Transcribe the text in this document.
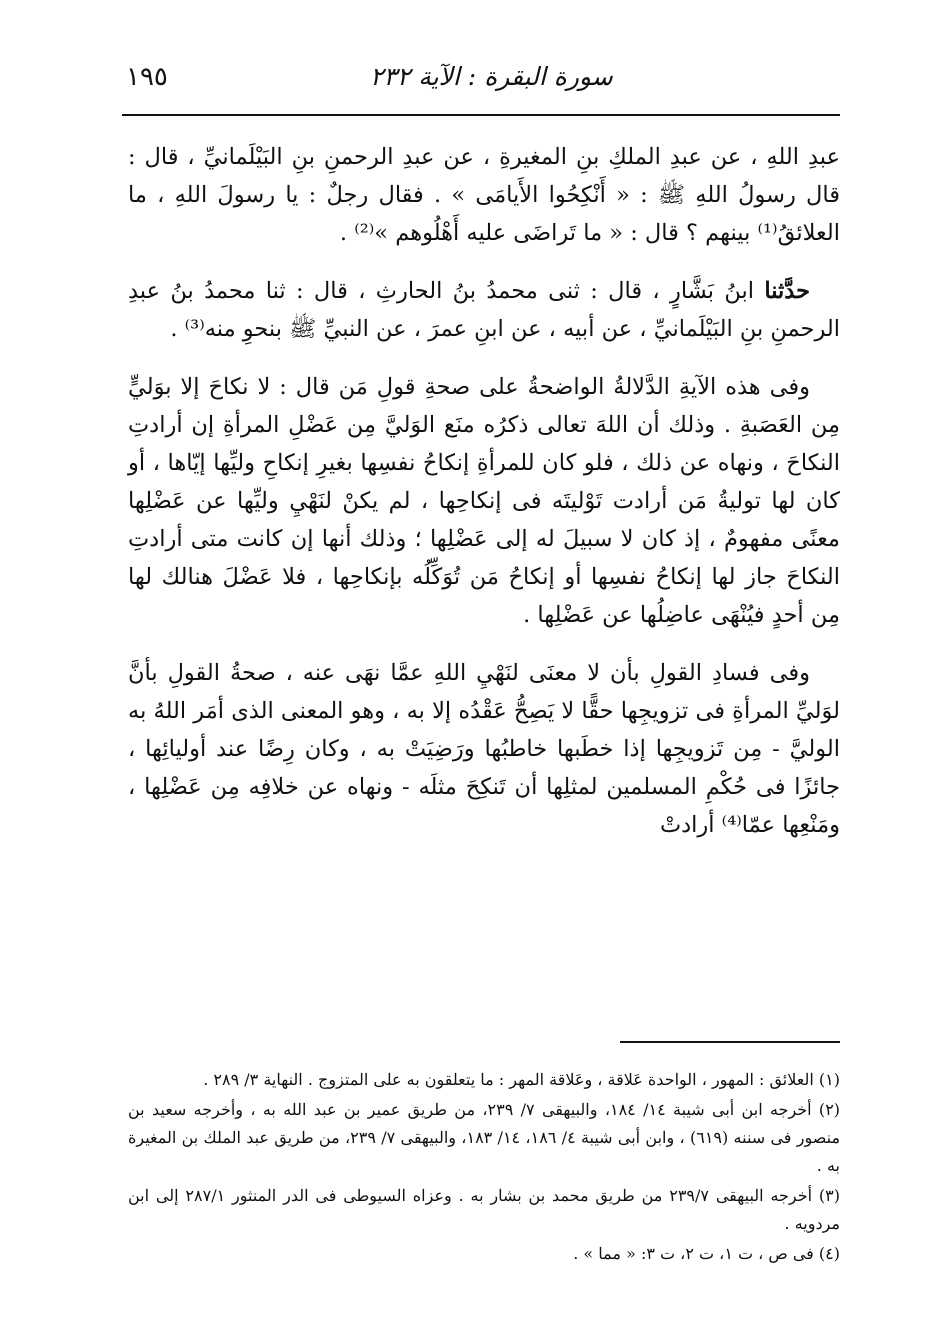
١٩٥	سورة البقرة : الآية ٢٣٢

عبدِ اللهِ ، عن عبدِ الملكِ بنِ المغيرةِ ، عن عبدِ الرحمنِ بنِ البَيْلَمانيِّ ، قال : قال رسولُ اللهِ ﷺ : « أَنْكِحُوا الأَيامَى » . فقال رجلٌ : يا رسولَ اللهِ ، ما العلائقُ⁽¹⁾ بينهم ؟ قال : « ما تَراضَى عليه أَهْلُوهم »⁽²⁾ .

حدَّثنا ابنُ بَشَّارٍ ، قال : ثنى محمدُ بنُ الحارثِ ، قال : ثنا محمدُ بنُ عبدِ الرحمنِ بنِ البَيْلَمانيِّ ، عن أبيه ، عن ابنِ عمرَ ، عن النبيِّ ﷺ بنحوِ منه⁽³⁾ .

وفى هذه الآيةِ الدَّلالةُ الواضحةُ على صحةِ قولِ مَن قال : لا نكاحَ إلا بوَليٍّ مِن العَصَبةِ . وذلك أن اللهَ تعالى ذكرُه منَع الوَليَّ مِن عَضْلِ المرأةِ إن أرادتِ النكاحَ ، ونهاه عن ذلك ، فلو كان للمرأةِ إنكاحُ نفسِها بغيرِ إنكاحِ وليِّها إيّاها ، أو كان لها توليةُ مَن أرادت تَوْليتَه فى إنكاحِها ، لم يكنْ لنَهْيِ وليِّها عن عَضْلِها معنًى مفهومٌ ، إذ كان لا سبيلَ له إلى عَضْلِها ؛ وذلك أنها إن كانت متى أرادتِ النكاحَ جاز لها إنكاحُ نفسِها أو إنكاحُ مَن تُوَكِّلُه بإنكاحِها ، فلا عَضْلَ هنالك لها مِن أحدٍ فيُنْهَى عاضِلُها عن عَضْلِها .

وفى فسادِ القولِ بأن لا معنَى لنَهْيِ اللهِ عمَّا نهَى عنه ، صحةُ القولِ بأنَّ لوَليِّ المرأةِ فى تزويجِها حقًّا لا يَصِحُّ عَقْدُه إلا به ، وهو المعنى الذى أمَر اللهُ به الوليَّ - مِن تَزويجِها إذا خطَبها خاطبُها ورَضِيَتْ به ، وكان رِضًا عند أوليائِها ، جائزًا فى حُكْمِ المسلمين لمثلِها أن تَنكِحَ مثلَه - ونهاه عن خلافِه مِن عَضْلِها ، ومَنْعِها عمّا⁽⁴⁾ أرادتْ

(١) العلائق : المهور ، الواحدة عَلاقة ، وعَلاقة المهر : ما يتعلقون به على المتزوج . النهاية ٣/ ٢٨٩ .

(٢) أخرجه ابن أبى شيبة ١٤/ ١٨٤، والبيهقى ٧/ ٢٣٩، من طريق عمير بن عبد الله به ، وأخرجه سعيد بن منصور فى سننه (٦١٩) ، وابن أبى شيبة ٤/ ١٨٦، ١٤/ ١٨٣، والبيهقى ٧/ ٢٣٩، من طريق عبد الملك بن المغيرة به .

(٣) أخرجه البيهقى ٢٣٩/٧ من طريق محمد بن بشار به . وعزاه السيوطى فى الدر المنثور ٢٨٧/١ إلى ابن مردويه .

(٤) فى ص ، ت ١، ت ٢، ت ٣: « مما » .
